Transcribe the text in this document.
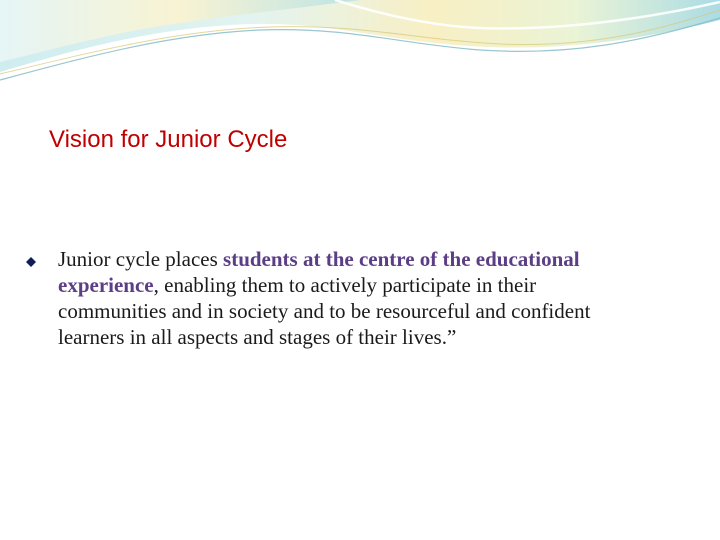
Vision for Junior Cycle

Junior cycle places students at the centre of the educational experience, enabling them to actively participate in their communities and in society and to be resourceful and confident learners in all aspects and stages of their lives.”
